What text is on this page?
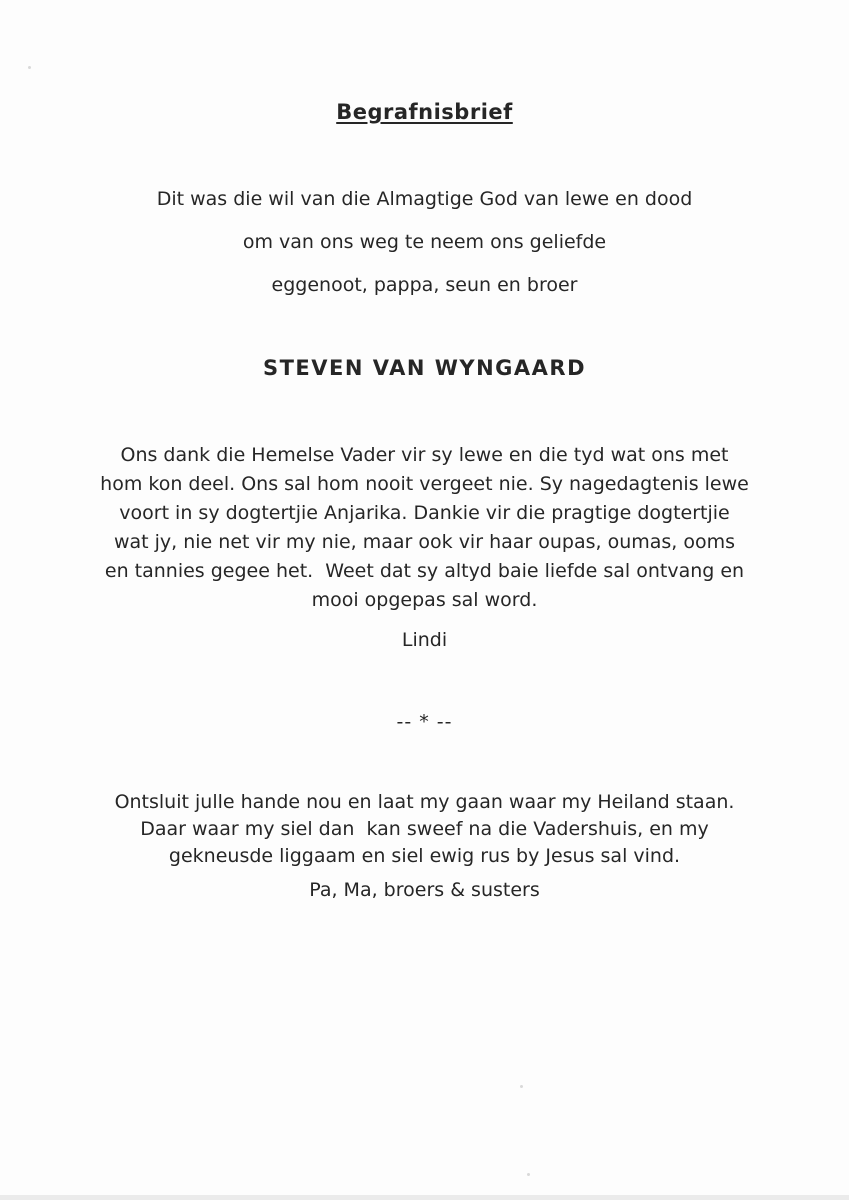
Begrafnisbrief
Dit was die wil van die Almagtige God van lewe en dood
om van ons weg te neem ons geliefde
eggenoot, pappa, seun en broer
STEVEN VAN WYNGAARD
Ons dank die Hemelse Vader vir sy lewe en die tyd wat ons met
hom kon deel. Ons sal hom nooit vergeet nie. Sy nagedagtenis lewe
voort in sy dogtertjie Anjarika. Dankie vir die pragtige dogtertjie
wat jy, nie net vir my nie, maar ook vir haar oupas, oumas, ooms
en tannies gegee het.  Weet dat sy altyd baie liefde sal ontvang en
mooi opgepas sal word.
Lindi
-- * --
Ontsluit julle hande nou en laat my gaan waar my Heiland staan.
Daar waar my siel dan  kan sweef na die Vadershuis, en my
gekneusde liggaam en siel ewig rus by Jesus sal vind.
Pa, Ma, broers & susters
